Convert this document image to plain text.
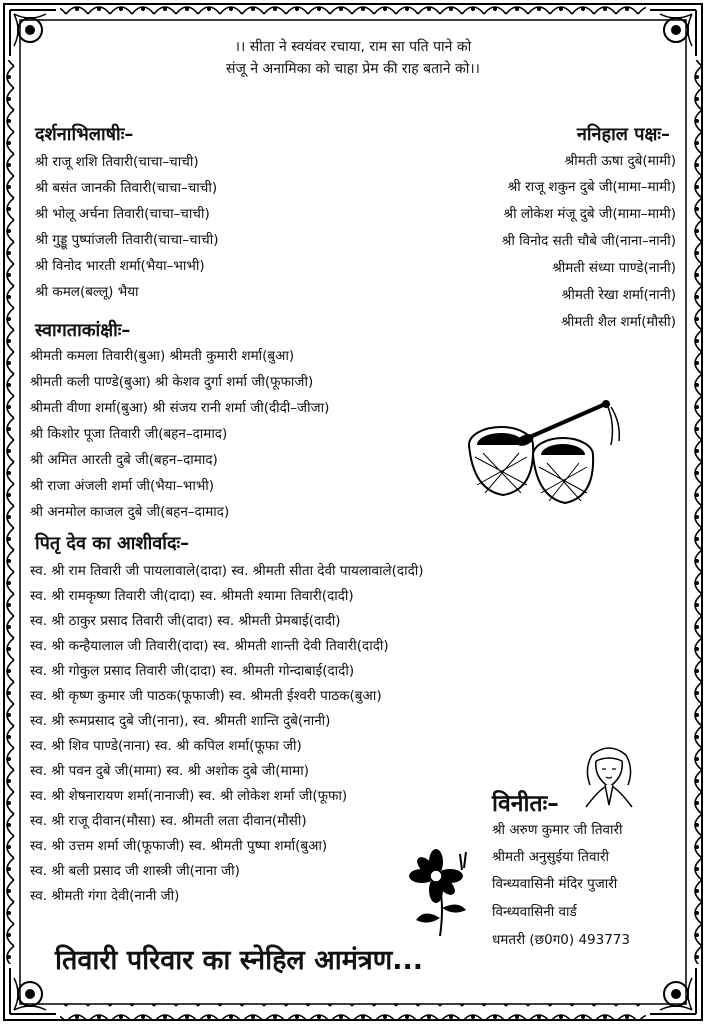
।। सीता ने स्वयंवर रचाया, राम सा पति पाने को
संजू ने अनामिका को चाहा प्रेम की राह बताने को।।
दर्शनाभिलाषीः–
श्री राजू शशि तिवारी(चाचा–चाची)
श्री बसंत जानकी तिवारी(चाचा–चाची)
श्री भोलू अर्चना तिवारी(चाचा–चाची)
श्री गुड्डू पुष्पांजली तिवारी(चाचा–चाची)
श्री विनोद भारती शर्मा(भैया–भाभी)
श्री कमल(बल्लू) भैया
ननिहाल पक्षः–
श्रीमती ऊषा दुबे(मामी)
श्री राजू शकुन दुबे जी(मामा–मामी)
श्री लोकेश मंजू दुबे जी(मामा–मामी)
श्री विनोद सती चौबे जी(नाना–नानी)
श्रीमती संध्या पाण्डे(नानी)
श्रीमती रेखा शर्मा(नानी)
श्रीमती शैल शर्मा(मौसी)
स्वागताकांक्षीः–
श्रीमती कमला तिवारी(बुआ) श्रीमती कुमारी शर्मा(बुआ)
श्रीमती कली पाण्डे(बुआ) श्री केशव दुर्गा शर्मा जी(फूफाजी)
श्रीमती वीणा शर्मा(बुआ) श्री संजय रानी शर्मा जी(दीदी–जीजा)
श्री किशोर पूजा तिवारी जी(बहन–दामाद)
श्री अमित आरती दुबे जी(बहन–दामाद)
श्री राजा अंजली शर्मा जी(भैया–भाभी)
श्री अनमोल काजल दुबे जी(बहन–दामाद)
पितृ देव का आशीर्वादः–
स्व. श्री राम तिवारी जी पायलावाले(दादा) स्व. श्रीमती सीता देवी पायलावाले(दादी)
स्व. श्री रामकृष्ण तिवारी जी(दादा) स्व. श्रीमती श्यामा तिवारी(दादी)
स्व. श्री ठाकुर प्रसाद तिवारी जी(दादा) स्व. श्रीमती प्रेमबाई(दादी)
स्व. श्री कन्हैयालाल जी तिवारी(दादा) स्व. श्रीमती शान्ती देवी तिवारी(दादी)
स्व. श्री गोकुल प्रसाद तिवारी जी(दादा) स्व. श्रीमती गोन्दाबाई(दादी)
स्व. श्री कृष्ण कुमार जी पाठक(फूफाजी) स्व. श्रीमती ईश्वरी पाठक(बुआ)
स्व. श्री रूमप्रसाद दुबे जी(नाना), स्व. श्रीमती शान्ति दुबे(नानी)
स्व. श्री शिव पाण्डे(नाना) स्व. श्री कपिल शर्मा(फूफा जी)
स्व. श्री पवन दुबे जी(मामा) स्व. श्री अशोक दुबे जी(मामा)
स्व. श्री शेषनारायण शर्मा(नानाजी) स्व. श्री लोकेश शर्मा जी(फूफा)
स्व. श्री राजू दीवान(मौसा) स्व. श्रीमती लता दीवान(मौसी)
स्व. श्री उत्तम शर्मा जी(फूफाजी) स्व. श्रीमती पुष्पा शर्मा(बुआ)
स्व. श्री बली प्रसाद जी शास्त्री जी(नाना जी)
स्व. श्रीमती गंगा देवी(नानी जी)
विनीतः–
श्री अरुण कुमार जी तिवारी
श्रीमती अनुसुईया तिवारी
विन्ध्यवासिनी मंदिर पुजारी
विन्ध्यवासिनी वार्ड
धमतरी (छ0ग0) 493773
तिवारी परिवार का स्नेहिल आमंत्रण...
